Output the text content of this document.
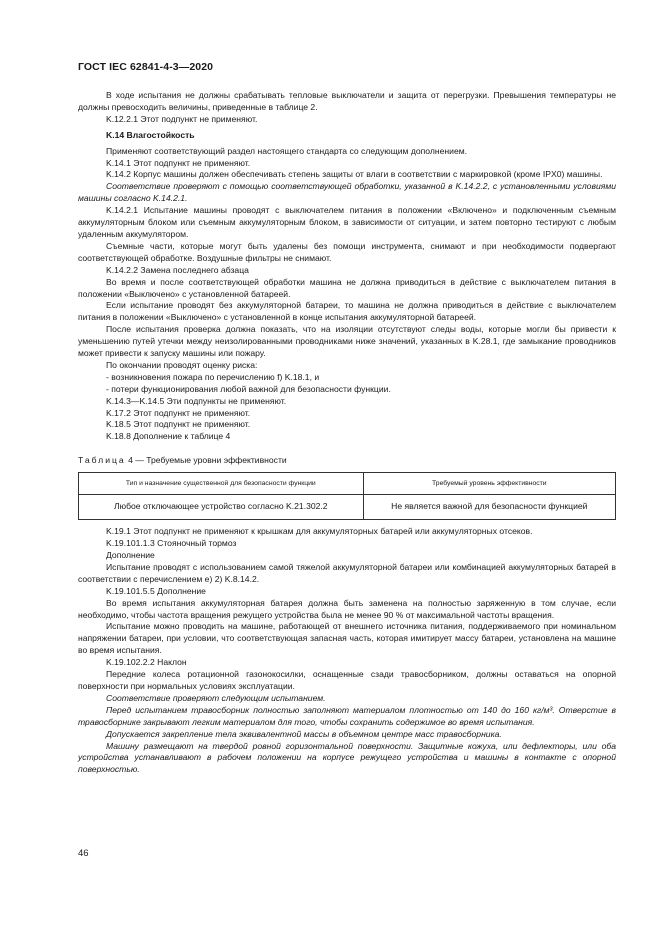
ГОСТ IEC 62841-4-3—2020

В ходе испытания не должны срабатывать тепловые выключатели и защита от перегрузки. Превышения температуры не должны превосходить величины, приведенные в таблице 2.

K.12.2.1 Этот подпункт не применяют.

K.14 Влагостойкость

Применяют соответствующий раздел настоящего стандарта со следующим дополнением.

K.14.1 Этот подпункт не применяют.

K.14.2 Корпус машины должен обеспечивать степень защиты от влаги в соответствии с маркировкой (кроме IPX0) машины.

Соответствие проверяют с помощью соответствующей обработки, указанной в K.14.2.2, с установленными условиями машины согласно K.14.2.1.

K.14.2.1 Испытание машины проводят с выключателем питания в положении «Включено» и подключенным съемным аккумуляторным блоком или съемным аккумуляторным блоком, в зависимости от ситуации, и затем повторно тестируют с любым удаленным аккумулятором.

Съемные части, которые могут быть удалены без помощи инструмента, снимают и при необходимости подвергают соответствующей обработке. Воздушные фильтры не снимают.

K.14.2.2 Замена последнего абзаца

Во время и после соответствующей обработки машина не должна приводиться в действие с выключателем питания в положении «Выключено» с установленной батареей.

Если испытание проводят без аккумуляторной батареи, то машина не должна приводиться в действие с выключателем питания в положении «Выключено» с установленной в конце испытания аккумуляторной батареей.

После испытания проверка должна показать, что на изоляции отсутствуют следы воды, которые могли бы привести к уменьшению путей утечки между неизолированными проводниками ниже значений, указанных в K.28.1, где замыкание проводников может привести к запуску машины или пожару.

По окончании проводят оценку риска:

- возникновения пожара по перечислению f) K.18.1, и

- потери функционирования любой важной для безопасности функции.

K.14.3—K.14.5 Эти подпункты не применяют.

K.17.2 Этот подпункт не применяют.

K.18.5 Этот подпункт не применяют.

K.18.8 Дополнение к таблице 4

Таблица 4 — Требуемые уровни эффективности
Тип и назначение существенной для безопасности функции	Требуемый уровень эффективности
Любое отключающее устройство согласно K.21.302.2	Не является важной для безопасности функцией

K.19.1 Этот подпункт не применяют к крышкам для аккумуляторных батарей или аккумуляторных отсеков.

K.19.101.1.3 Стояночный тормоз

Дополнение

Испытание проводят с использованием самой тяжелой аккумуляторной батареи или комбинацией аккумуляторных батарей в соответствии с перечислением е) 2) K.8.14.2.

K.19.101.5.5 Дополнение

Во время испытания аккумуляторная батарея должна быть заменена на полностью заряженную в том случае, если необходимо, чтобы частота вращения режущего устройства была не менее 90 % от максимальной частоты вращения.

Испытание можно проводить на машине, работающей от внешнего источника питания, поддерживаемого при номинальном напряжении батареи, при условии, что соответствующая запасная часть, которая имитирует массу батареи, установлена на машине во время испытания.

K.19.102.2.2 Наклон

Передние колеса ротационной газонокосилки, оснащенные сзади травосборником, должны оставаться на опорной поверхности при нормальных условиях эксплуатации.

Соответствие проверяют следующим испытанием.

Перед испытанием травосборник полностью заполняют материалом плотностью от 140 до 160 кг/м³. Отверстие в травосборнике закрывают легким материалом для того, чтобы сохранить содержимое во время испытания.

Допускается закрепление тела эквивалентной массы в объемном центре масс травосборника.

Машину размещают на твердой ровной горизонтальной поверхности. Защитные кожуха, или дефлекторы, или оба устройства устанавливают в рабочем положении на корпусе режущего устройства и машины в контакте с опорной поверхностью.

46
